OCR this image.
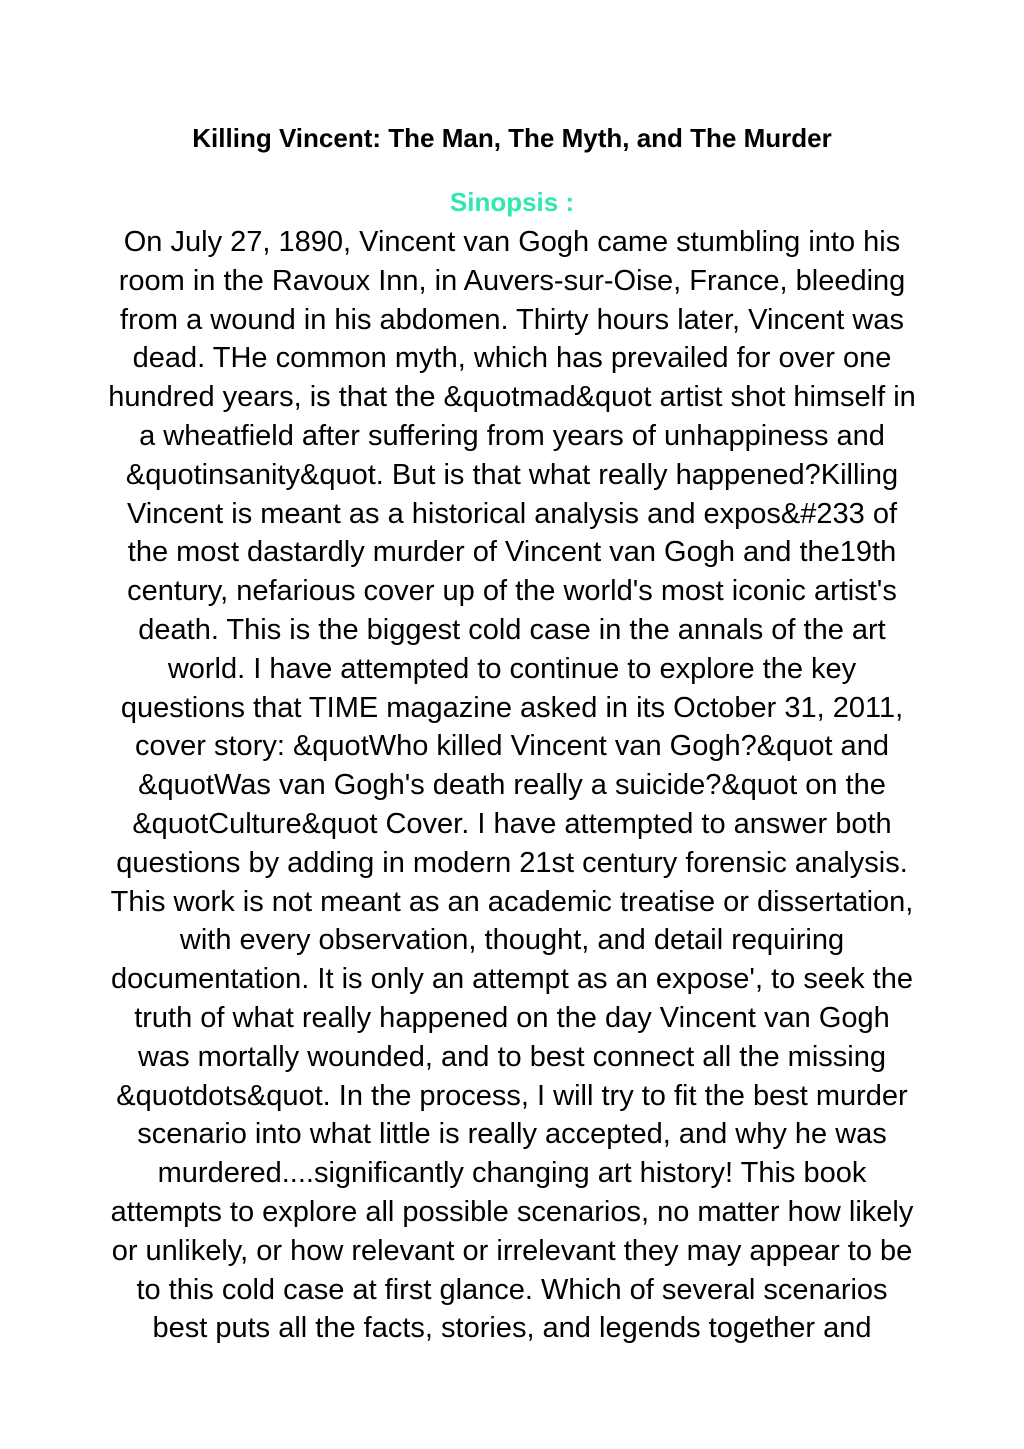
Killing Vincent: The Man, The Myth, and The Murder
Sinopsis :
On July 27, 1890, Vincent van Gogh came stumbling into his
room in the Ravoux Inn, in Auvers-sur-Oise, France, bleeding
from a wound in his abdomen. Thirty hours later, Vincent was
dead. THe common myth, which has prevailed for over one
hundred years, is that the &quotmad&quot artist shot himself in
a wheatfield after suffering from years of unhappiness and
&quotinsanity&quot. But is that what really happened?Killing
Vincent is meant as a historical analysis and expos&#233 of
the most dastardly murder of Vincent van Gogh and the19th
century, nefarious cover up of the world's most iconic artist's
death. This is the biggest cold case in the annals of the art
world. I have attempted to continue to explore the key
questions that TIME magazine asked in its October 31, 2011,
cover story: &quotWho killed Vincent van Gogh?&quot and
&quotWas van Gogh's death really a suicide?&quot on the
&quotCulture&quot Cover. I have attempted to answer both
questions by adding in modern 21st century forensic analysis.
This work is not meant as an academic treatise or dissertation,
with every observation, thought, and detail requiring
documentation. It is only an attempt as an expose', to seek the
truth of what really happened on the day Vincent van Gogh
was mortally wounded, and to best connect all the missing
&quotdots&quot. In the process, I will try to fit the best murder
scenario into what little is really accepted, and why he was
murdered....significantly changing art history! This book
attempts to explore all possible scenarios, no matter how likely
or unlikely, or how relevant or irrelevant they may appear to be
to this cold case at first glance. Which of several scenarios
best puts all the facts, stories, and legends together and
